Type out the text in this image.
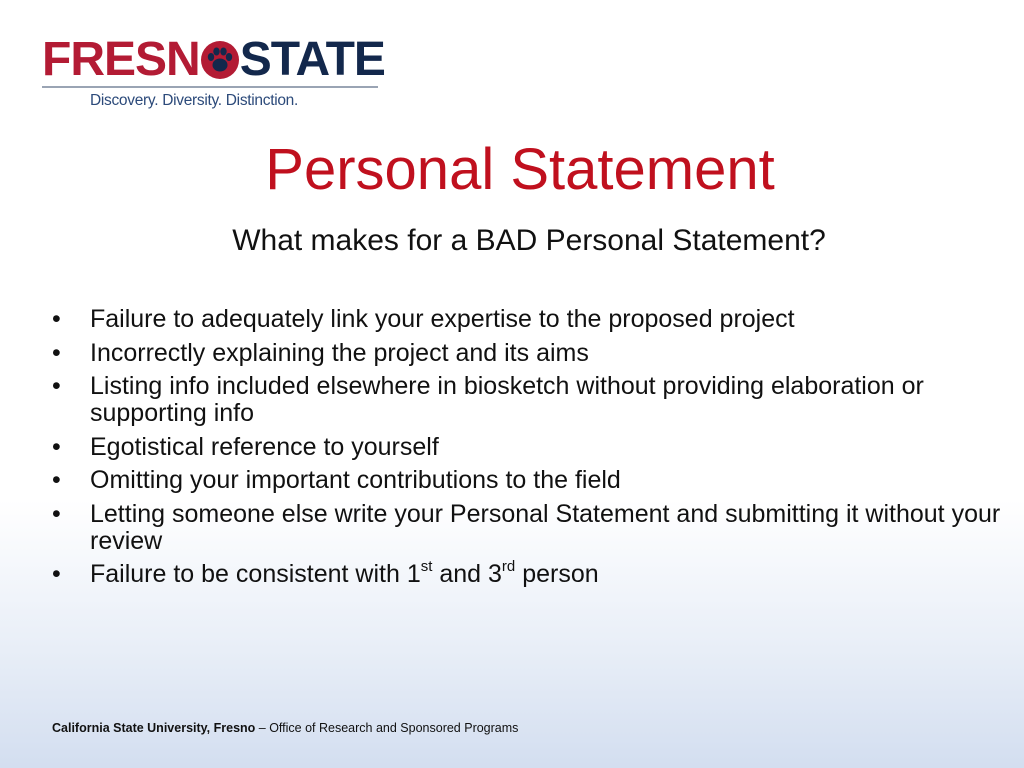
FRESN STATE
Discovery. Diversity. Distinction.
Personal Statement
What makes for a BAD Personal Statement?
• Failure to adequately link your expertise to the proposed project
• Incorrectly explaining the project and its aims
• Listing info included elsewhere in biosketch without providing elaboration or supporting info
• Egotistical reference to yourself
• Omitting your important contributions to the field
• Letting someone else write your Personal Statement and submitting it without your review
• Failure to be consistent with 1st and 3rd person
California State University, Fresno – Office of Research and Sponsored Programs
